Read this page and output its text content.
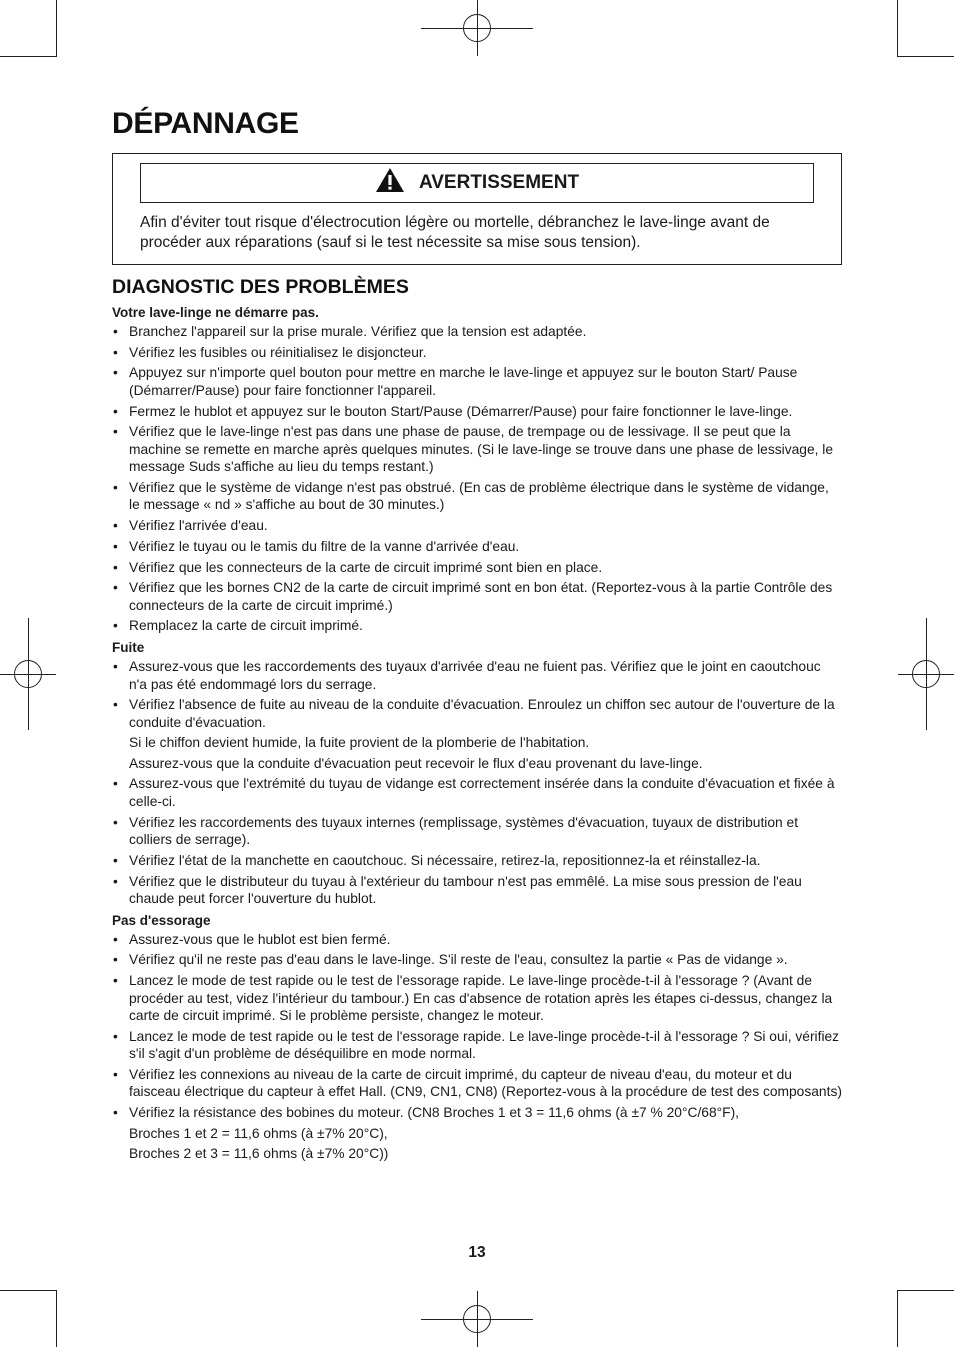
DÉPANNAGE
AVERTISSEMENT
Afin d'éviter tout risque d'électrocution légère ou mortelle, débranchez le lave-linge avant de procéder aux réparations (sauf si le test nécessite sa mise sous tension).
DIAGNOSTIC DES PROBLÈMES
Votre lave-linge ne démarre pas.
• Branchez l'appareil sur la prise murale. Vérifiez que la tension est adaptée.
• Vérifiez les fusibles ou réinitialisez le disjoncteur.
• Appuyez sur n'importe quel bouton pour mettre en marche le lave-linge et appuyez sur le bouton Start/ Pause (Démarrer/Pause) pour faire fonctionner l'appareil.
• Fermez le hublot et appuyez sur le bouton Start/Pause (Démarrer/Pause) pour faire fonctionner le lave-linge.
• Vérifiez que le lave-linge n'est pas dans une phase de pause, de trempage ou de lessivage. Il se peut que la machine se remette en marche après quelques minutes. (Si le lave-linge se trouve dans une phase de lessivage, le message Suds s'affiche au lieu du temps restant.)
• Vérifiez que le système de vidange n'est pas obstrué. (En cas de problème électrique dans le système de vidange, le message « nd » s'affiche au bout de 30 minutes.)
• Vérifiez l'arrivée d'eau.
• Vérifiez le tuyau ou le tamis du filtre de la vanne d'arrivée d'eau.
• Vérifiez que les connecteurs de la carte de circuit imprimé sont bien en place.
• Vérifiez que les bornes CN2 de la carte de circuit imprimé sont en bon état. (Reportez-vous à la partie Contrôle des connecteurs de la carte de circuit imprimé.)
• Remplacez la carte de circuit imprimé.
Fuite
• Assurez-vous que les raccordements des tuyaux d'arrivée d'eau ne fuient pas. Vérifiez que le joint en caoutchouc n'a pas été endommagé lors du serrage.
• Vérifiez l'absence de fuite au niveau de la conduite d'évacuation. Enroulez un chiffon sec autour de l'ouverture de la conduite d'évacuation.
Si le chiffon devient humide, la fuite provient de la plomberie de l'habitation.
Assurez-vous que la conduite d'évacuation peut recevoir le flux d'eau provenant du lave-linge.
• Assurez-vous que l'extrémité du tuyau de vidange est correctement insérée dans la conduite d'évacuation et fixée à celle-ci.
• Vérifiez les raccordements des tuyaux internes (remplissage, systèmes d'évacuation, tuyaux de distribution et colliers de serrage).
• Vérifiez l'état de la manchette en caoutchouc. Si nécessaire, retirez-la, repositionnez-la et réinstallez-la.
• Vérifiez que le distributeur du tuyau à l'extérieur du tambour n'est pas emmêlé. La mise sous pression de l'eau chaude peut forcer l'ouverture du hublot.
Pas d'essorage
• Assurez-vous que le hublot est bien fermé.
• Vérifiez qu'il ne reste pas d'eau dans le lave-linge. S'il reste de l'eau, consultez la partie « Pas de vidange ».
• Lancez le mode de test rapide ou le test de l'essorage rapide. Le lave-linge procède-t-il à l'essorage ? (Avant de procéder au test, videz l'intérieur du tambour.) En cas d'absence de rotation après les étapes ci-dessus, changez la carte de circuit imprimé. Si le problème persiste, changez le moteur.
• Lancez le mode de test rapide ou le test de l'essorage rapide. Le lave-linge procède-t-il à l'essorage ? Si oui, vérifiez s'il s'agit d'un problème de déséquilibre en mode normal.
• Vérifiez les connexions au niveau de la carte de circuit imprimé, du capteur de niveau d'eau, du moteur et du faisceau électrique du capteur à effet Hall. (CN9, CN1, CN8) (Reportez-vous à la procédure de test des composants)
• Vérifiez la résistance des bobines du moteur. (CN8 Broches 1 et 3 = 11,6 ohms (à ±7 % 20°C/68°F),
Broches 1 et 2 = 11,6 ohms (à ±7% 20°C),
Broches 2 et 3 = 11,6 ohms (à ±7% 20°C))
13
